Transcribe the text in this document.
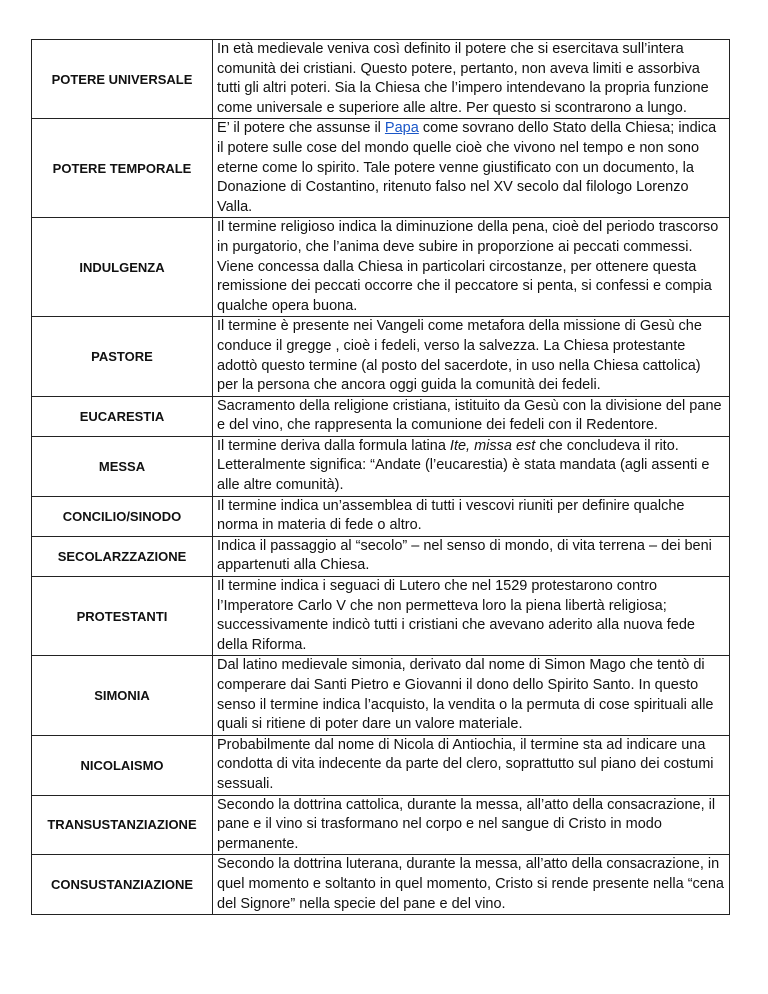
POTERE UNIVERSALE	In età medievale veniva così definito il potere che si esercitava sull’intera comunità dei cristiani. Questo potere, pertanto, non aveva limiti e assorbiva tutti gli altri poteri. Sia la Chiesa che l’impero intendevano la propria funzione come universale e superiore alle altre. Per questo si scontrarono a lungo.
POTERE TEMPORALE	E’ il potere che assunse il Papa come sovrano dello Stato della Chiesa; indica il potere sulle cose del mondo quelle cioè che vivono nel tempo e non sono eterne come lo spirito. Tale potere venne giustificato con un documento, la Donazione di Costantino, ritenuto falso nel XV secolo dal filologo Lorenzo Valla.
INDULGENZA	Il termine religioso indica la diminuzione della pena, cioè del periodo trascorso in purgatorio, che l’anima deve subire in proporzione ai peccati commessi. Viene concessa dalla Chiesa in particolari circostanze, per ottenere questa remissione dei peccati occorre che il peccatore si penta, si confessi e compia qualche opera buona.
PASTORE	Il termine è presente nei Vangeli come metafora della missione di Gesù che conduce il gregge , cioè i fedeli, verso la salvezza. La Chiesa protestante adottò questo termine (al posto del sacerdote, in uso nella Chiesa cattolica) per la persona che ancora oggi guida la comunità dei fedeli.
EUCARESTIA	Sacramento della religione cristiana, istituito da Gesù con la divisione del pane e del vino, che rappresenta la comunione dei fedeli con il Redentore.
MESSA	Il termine deriva dalla formula latina Ite, missa est che concludeva il rito. Letteralmente significa: “Andate (l’eucarestia) è stata mandata (agli assenti e alle altre comunità).
CONCILIO/SINODO	Il termine indica un’assemblea di tutti i vescovi riuniti per definire qualche norma in materia di fede o altro.
SECOLARZZAZIONE	Indica il passaggio al “secolo” – nel senso di mondo, di vita terrena – dei beni appartenuti alla Chiesa.
PROTESTANTI	Il termine indica i seguaci di Lutero che nel 1529 protestarono contro l’Imperatore Carlo V che non permetteva loro la piena libertà religiosa; successivamente indicò tutti i cristiani che avevano aderito alla nuova fede della Riforma.
SIMONIA	Dal latino medievale simonia, derivato dal nome di Simon Mago che tentò di comperare dai Santi Pietro e Giovanni il dono dello Spirito Santo. In questo senso il termine indica l’acquisto, la vendita o la permuta di cose spirituali alle quali si ritiene di poter dare un valore materiale.
NICOLAISMO	Probabilmente dal nome di Nicola di Antiochia, il termine sta ad indicare una condotta di vita indecente da parte del clero, soprattutto sul piano dei costumi sessuali.
TRANSUSTANZIAZIONE	Secondo la dottrina cattolica, durante la messa, all’atto della consacrazione, il pane e il vino si trasformano nel corpo e nel sangue di Cristo in modo permanente.
CONSUSTANZIAZIONE	Secondo la dottrina luterana, durante la messa, all’atto della consacrazione, in quel momento e soltanto in quel momento, Cristo si rende presente nella “cena del Signore” nella specie del pane e del vino.
